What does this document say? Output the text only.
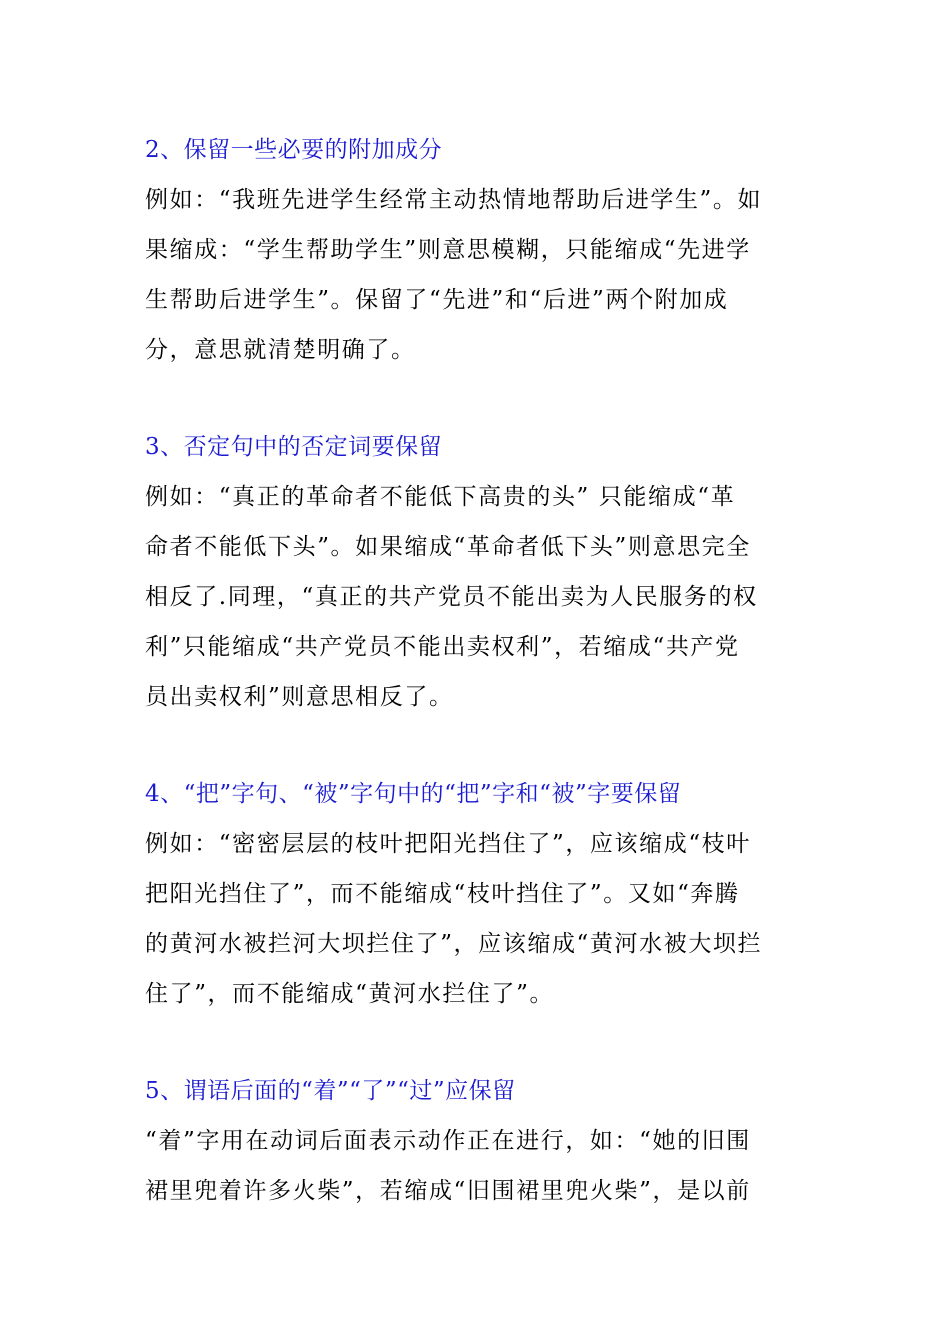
2、保留一些必要的附加成分
例如：“我班先进学生经常主动热情地帮助后进学生”。如
果缩成：“学生帮助学生”则意思模糊，只能缩成“先进学
生帮助后进学生”。保留了“先进”和“后进”两个附加成
分，意思就清楚明确了。
3、否定句中的否定词要保留
例如：“真正的革命者不能低下高贵的头” 只能缩成“革
命者不能低下头”。如果缩成“革命者低下头”则意思完全
相反了.同理，“真正的共产党员不能出卖为人民服务的权
利”只能缩成“共产党员不能出卖权利”，若缩成“共产党
员出卖权利”则意思相反了。
4、“把”字句、“被”字句中的“把”字和“被”字要保留
例如：“密密层层的枝叶把阳光挡住了”，应该缩成“枝叶
把阳光挡住了”，而不能缩成“枝叶挡住了”。又如“奔腾
的黄河水被拦河大坝拦住了”，应该缩成“黄河水被大坝拦
住了”，而不能缩成“黄河水拦住了”。
5、谓语后面的“着”“了”“过”应保留
“着”字用在动词后面表示动作正在进行，如：“她的旧围
裙里兜着许多火柴”，若缩成“旧围裙里兜火柴”，是以前
